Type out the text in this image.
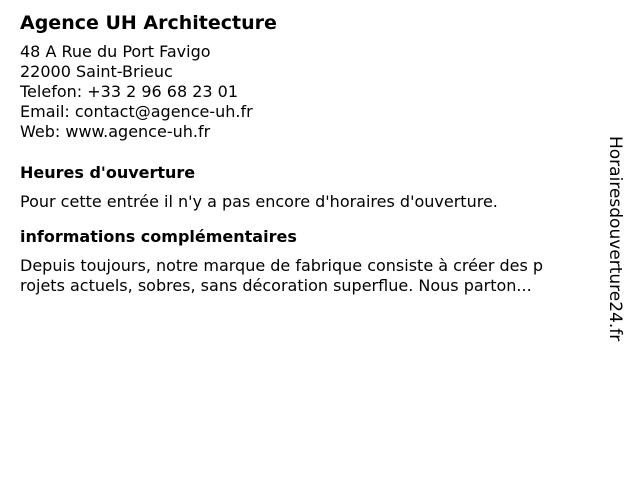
Agence UH Architecture
48 A Rue du Port Favigo
22000 Saint-Brieuc
Telefon: +33 2 96 68 23 01
Email: contact@agence-uh.fr
Web: www.agence-uh.fr
Heures d'ouverture
Pour cette entrée il n'y a pas encore d'horaires d'ouverture.
informations complémentaires
Depuis toujours, notre marque de fabrique consiste à créer des p
rojets actuels, sobres, sans décoration superflue. Nous parton...	Horairesdouverture24.fr
